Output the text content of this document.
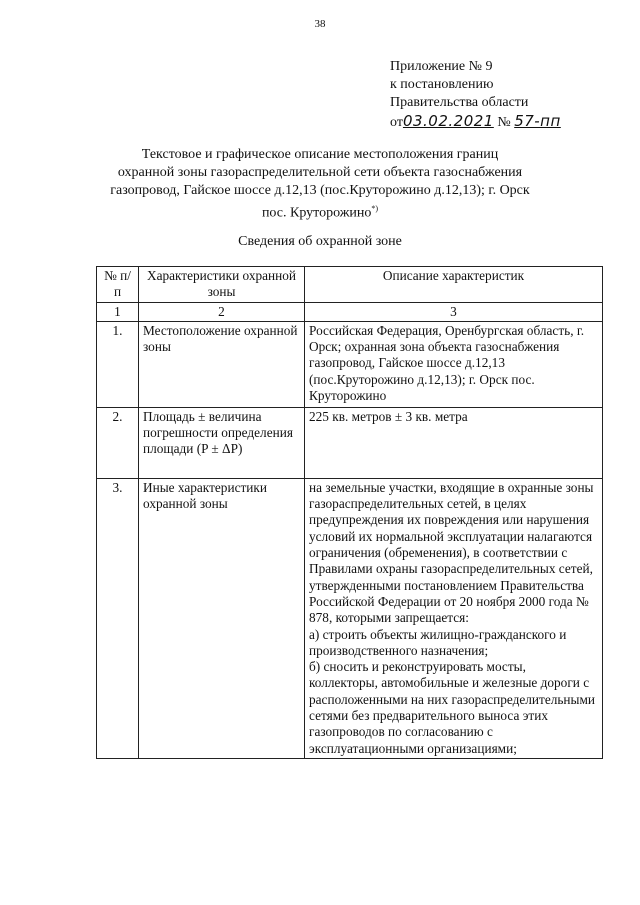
38
Приложение № 9
к постановлению
Правительства области
от03.02.2021 № 57-пп
Текстовое и графическое описание местоположения границ
охранной зоны газораспределительной сети объекта газоснабжения
газопровод, Гайское шоссе д.12,13 (пос.Круторожино д.12,13); г. Орск
пос. Круторожино*)
Сведения об охранной зоне
№ п/п	Характеристики охранной зоны	Описание характеристик
1	2	3
1.	Местоположение охранной зоны	Российская Федерация, Оренбургская область, г. Орск; охранная зона объекта газоснабжения газопровод, Гайское шоссе д.12,13 (пос.Круторожино д.12,13); г. Орск пос. Круторожино
2.	Площадь ± величина погрешности определения площади (P ± ΔP)	225 кв. метров ± 3 кв. метра
3.	Иные характеристики охранной зоны	на земельные участки, входящие в охранные зоны газораспределительных сетей, в целях предупреждения их повреждения или нарушения условий их нормальной эксплуатации налагаются ограничения (обременения), в соответствии с Правилами охраны газораспределительных сетей, утвержденными постановлением Правительства Российской Федерации от 20 ноября 2000 года № 878, которыми запрещается:
а) строить объекты жилищно-гражданского и производственного назначения;
б) сносить и реконструировать мосты, коллекторы, автомобильные и железные дороги с расположенными на них газораспределительными сетями без предварительного выноса этих газопроводов по согласованию с эксплуатационными организациями;
